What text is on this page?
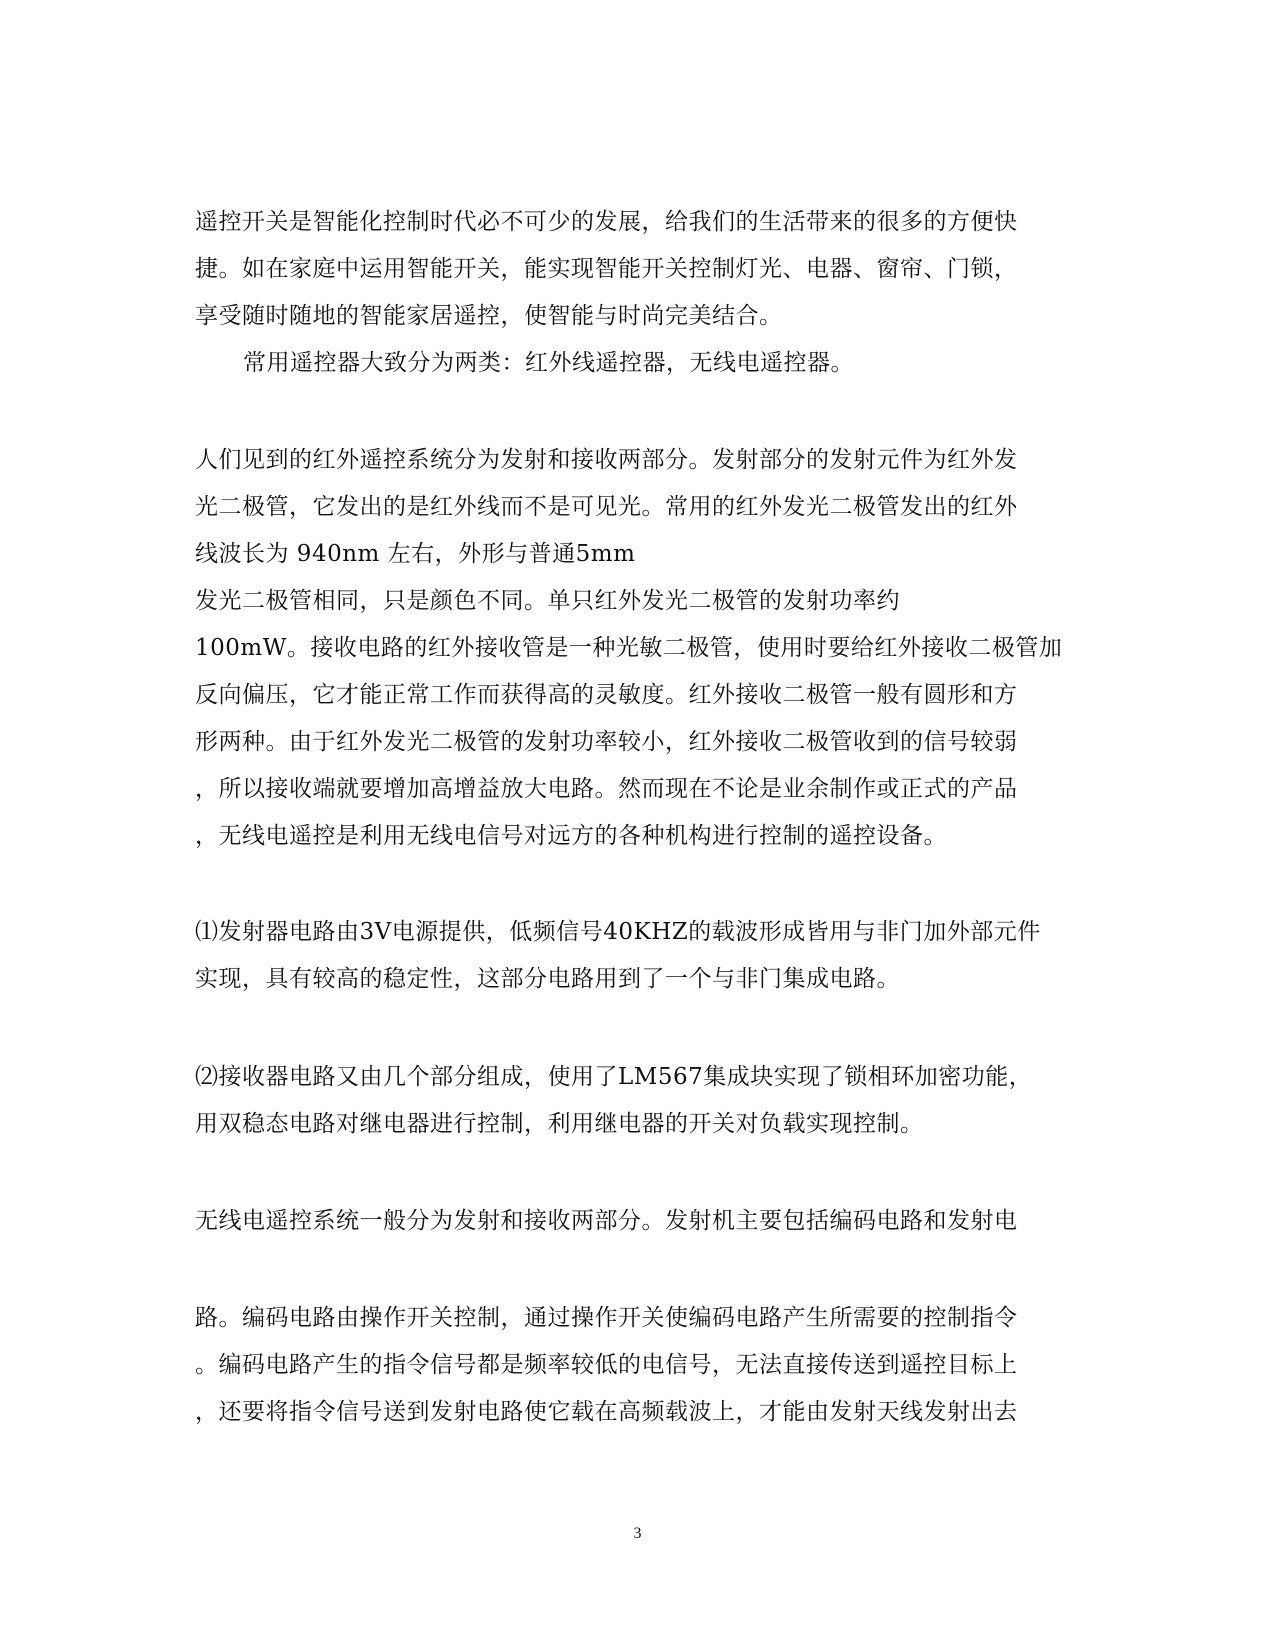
遥控开关是智能化控制时代必不可少的发展，给我们的生活带来的很多的方便快
捷。如在家庭中运用智能开关，能实现智能开关控制灯光、电器、窗帘、门锁，
享受随时随地的智能家居遥控，使智能与时尚完美结合。
常用遥控器大致分为两类：红外线遥控器，无线电遥控器。
人们见到的红外遥控系统分为发射和接收两部分。发射部分的发射元件为红外发
光二极管，它发出的是红外线而不是可见光。常用的红外发光二极管发出的红外
线波长为 940nm 左右，外形与普通5mm
发光二极管相同，只是颜色不同。单只红外发光二极管的发射功率约
100mW。接收电路的红外接收管是一种光敏二极管，使用时要给红外接收二极管加
反向偏压，它才能正常工作而获得高的灵敏度。红外接收二极管一般有圆形和方
形两种。由于红外发光二极管的发射功率较小，红外接收二极管收到的信号较弱
，所以接收端就要增加高增益放大电路。然而现在不论是业余制作或正式的产品
，无线电遥控是利用无线电信号对远方的各种机构进行控制的遥控设备。
⑴发射器电路由3V电源提供，低频信号40KHZ的载波形成皆用与非门加外部元件
实现，具有较高的稳定性，这部分电路用到了一个与非门集成电路。
⑵接收器电路又由几个部分组成，使用了LM567集成块实现了锁相环加密功能，
用双稳态电路对继电器进行控制，利用继电器的开关对负载实现控制。
无线电遥控系统一般分为发射和接收两部分。发射机主要包括编码电路和发射电
路。编码电路由操作开关控制，通过操作开关使编码电路产生所需要的控制指令
。编码电路产生的指令信号都是频率较低的电信号，无法直接传送到遥控目标上
，还要将指令信号送到发射电路使它载在高频载波上，才能由发射天线发射出去
3
